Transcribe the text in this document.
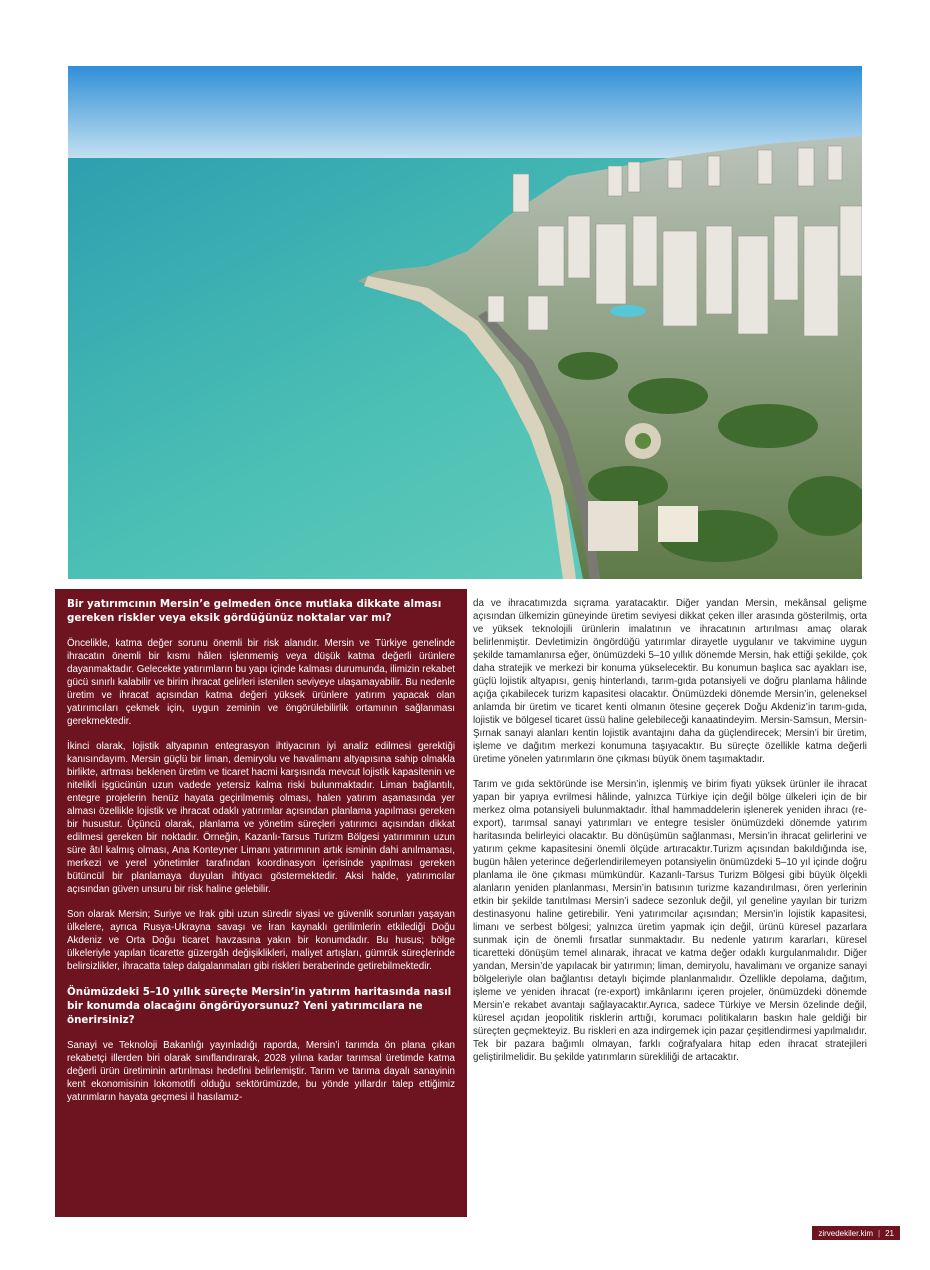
Bir yatırımcının Mersin’e gelmeden önce mutlaka dikkate alması gereken riskler veya eksik gördüğünüz noktalar var mı?

Öncelikle, katma değer sorunu önemli bir risk alanıdır. Mersin ve Türkiye genelinde ihracatın önemli bir kısmı hâlen işlenmemiş veya düşük katma değerli ürünlere dayanmaktadır. Gelecekte yatırımların bu yapı içinde kalması durumunda, ilimizin rekabet gücü sınırlı kalabilir ve birim ihracat gelirleri istenilen seviyeye ulaşamayabilir. Bu nedenle üretim ve ihracat açısından katma değeri yüksek ürünlere yatırım yapacak olan yatırımcıları çekmek için, uygun zeminin ve öngörülebilirlik ortamının sağlanması gerekmektedir.

İkinci olarak, lojistik altyapının entegrasyon ihtiyacının iyi analiz edilmesi gerektiği kanısındayım. Mersin güçlü bir liman, demiryolu ve havalimanı altyapısına sahip olmakla birlikte, artması beklenen üretim ve ticaret hacmi karşısında mevcut lojistik kapasitenin ve nitelikli işgücünün uzun vadede yetersiz kalma riski bulunmaktadır. Liman bağlantılı, entegre projelerin henüz hayata geçirilmemiş olması, halen yatırım aşamasında yer alması özellikle lojistik ve ihracat odaklı yatırımlar açısından planlama yapılması gereken bir husustur. Üçüncü olarak, planlama ve yönetim süreçleri yatırımcı açısından dikkat edilmesi gereken bir noktadır. Örneğin, Kazanlı-Tarsus Turizm Bölgesi yatırımının uzun süre âtıl kalmış olması, Ana Konteyner Limanı yatırımının artık isminin dahi anılmaması, merkezi ve yerel yönetimler tarafından koordinasyon içerisinde yapılması gereken bütüncül bir planlamaya duyulan ihtiyacı göstermektedir. Aksi halde, yatırımcılar açısından güven unsuru bir risk haline gelebilir.

Son olarak Mersin; Suriye ve Irak gibi uzun süredir siyasi ve güvenlik sorunları yaşayan ülkelere, ayrıca Rusya-Ukrayna savaşı ve İran kaynaklı gerilimlerin etkilediği Doğu Akdeniz ve Orta Doğu ticaret havzasına yakın bir konumdadır. Bu husus; bölge ülkeleriyle yapılan ticarette güzergâh değişiklikleri, maliyet artışları, gümrük süreçlerinde belirsizlikler, ihracatta talep dalgalanmaları gibi riskleri beraberinde getirebilmektedir.

Önümüzdeki 5–10 yıllık süreçte Mersin’in yatırım haritasında nasıl bir konumda olacağını öngörüyorsunuz? Yeni yatırımcılara ne önerirsiniz?

Sanayi ve Teknoloji Bakanlığı yayınladığı raporda, Mersin’i tarımda ön plana çıkan rekabetçi illerden biri olarak sınıflandırarak, 2028 yılına kadar tarımsal üretimde katma değerli ürün üretiminin artırılması hedefini belirlemiştir. Tarım ve tarıma dayalı sanayinin kent ekonomisinin lokomotifi olduğu sektörümüzde, bu yönde yıllardır talep ettiğimiz yatırımların hayata geçmesi il hasılamız-

da ve ihracatımızda sıçrama yaratacaktır. Diğer yandan Mersin, mekânsal gelişme açısından ülkemizin güneyinde üretim seviyesi dikkat çeken iller arasında gösterilmiş, orta ve yüksek teknolojili ürünlerin imalatının ve ihracatının artırılması amaç olarak belirlenmiştir. Devletimizin öngördüğü yatırımlar dirayetle uygulanır ve takvimine uygun şekilde tamamlanırsa eğer, önümüzdeki 5–10 yıllık dönemde Mersin, hak ettiği şekilde, çok daha stratejik ve merkezi bir konuma yükselecektir. Bu konumun başlıca sac ayakları ise, güçlü lojistik altyapısı, geniş hinterlandı, tarım-gıda potansiyeli ve doğru planlama hâlinde açığa çıkabilecek turizm kapasitesi olacaktır. Önümüzdeki dönemde Mersin’in, geleneksel anlamda bir üretim ve ticaret kenti olmanın ötesine geçerek Doğu Akdeniz’in tarım-gıda, lojistik ve bölgesel ticaret üssü haline gelebileceği kanaatindeyim. Mersin-Samsun, Mersin-Şırnak sanayi alanları kentin lojistik avantajını daha da güçlendirecek; Mersin’i bir üretim, işleme ve dağıtım merkezi konumuna taşıyacaktır. Bu süreçte özellikle katma değerli üretime yönelen yatırımların öne çıkması büyük önem taşımaktadır.

Tarım ve gıda sektöründe ise Mersin’in, işlenmiş ve birim fiyatı yüksek ürünler ile ihracat yapan bir yapıya evrilmesi hâlinde, yalnızca Türkiye için değil bölge ülkeleri için de bir merkez olma potansiyeli bulunmaktadır. İthal hammaddelerin işlenerek yeniden ihracı (re-export), tarımsal sanayi yatırımları ve entegre tesisler önümüzdeki dönemde yatırım haritasında belirleyici olacaktır. Bu dönüşümün sağlanması, Mersin’in ihracat gelirlerini ve yatırım çekme kapasitesini önemli ölçüde artıracaktır.Turizm açısından bakıldığında ise, bugün hâlen yeterince değerlendirilemeyen potansiyelin önümüzdeki 5–10 yıl içinde doğru planlama ile öne çıkması mümkündür. Kazanlı-Tarsus Turizm Bölgesi gibi büyük ölçekli alanların yeniden planlanması, Mersin’in batısının turizme kazandırılması, ören yerlerinin etkin bir şekilde tanıtılması Mersin’i sadece sezonluk değil, yıl geneline yayılan bir turizm destinasyonu haline getirebilir. Yeni yatırımcılar açısından; Mersin’in lojistik kapasitesi, limanı ve serbest bölgesi; yalnızca üretim yapmak için değil, ürünü küresel pazarlara sunmak için de önemli fırsatlar sunmaktadır. Bu nedenle yatırım kararları, küresel ticaretteki dönüşüm temel alınarak, ihracat ve katma değer odaklı kurgulanmalıdır. Diğer yandan, Mersin’de yapılacak bir yatırımın; liman, demiryolu, havalimanı ve organize sanayi bölgeleriyle olan bağlantısı detaylı biçimde planlanmalıdır. Özellikle depolama, dağıtım, işleme ve yeniden ihracat (re-export) imkânlarını içeren projeler, önümüzdeki dönemde Mersin’e rekabet avantajı sağlayacaktır.Ayrıca, sadece Türkiye ve Mersin özelinde değil, küresel açıdan jeopolitik risklerin arttığı, korumacı politikaların baskın hale geldiği bir süreçten geçmekteyiz. Bu riskleri en aza indirgemek için pazar çeşitlendirmesi yapılmalıdır. Tek bir pazara bağımlı olmayan, farklı coğrafyalara hitap eden ihracat stratejileri geliştirilmelidir. Bu şekilde yatırımların sürekliliği de artacaktır.

zirvedekiler.kim | 21
